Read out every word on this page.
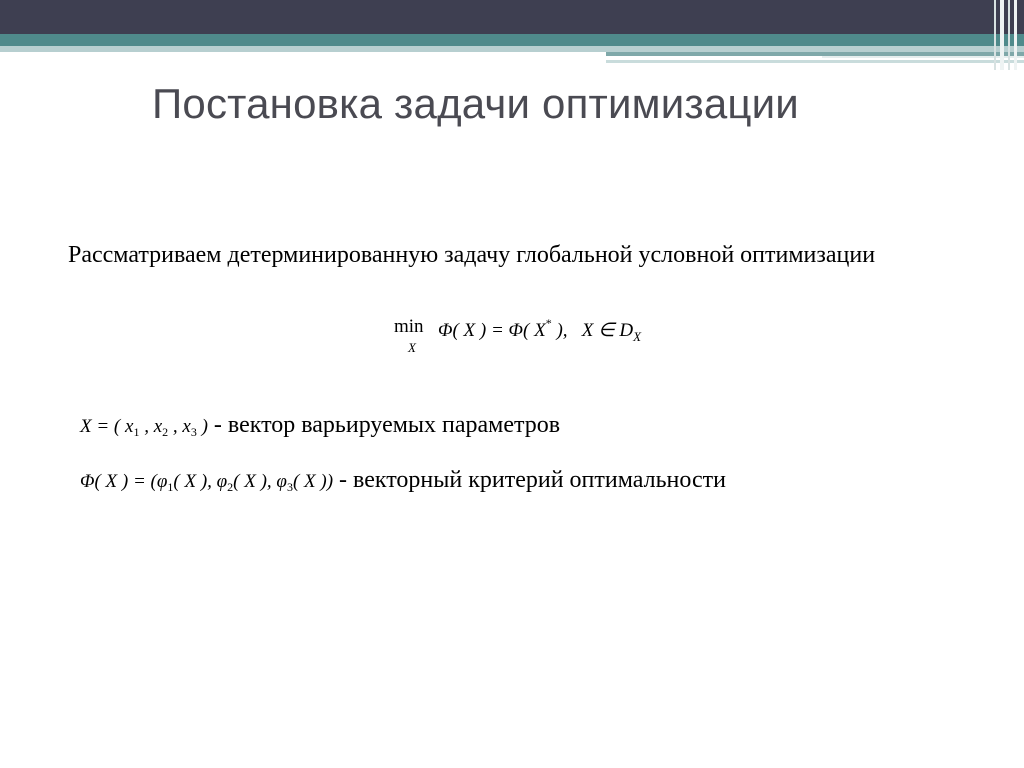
Постановка задачи оптимизации
Рассматриваем детерминированную задачу глобальной условной оптимизации
min
X
Φ( X ) = Φ( X* ),   X ∈ $D_X$
X = ( $x_1$ , $x_2$ , $x_3$ ) - вектор варьируемых параметров
Φ( X ) = ($\varphi_1$( X ), $\varphi_2$( X ), $\varphi_3$( X )) - векторный критерий оптимальности
